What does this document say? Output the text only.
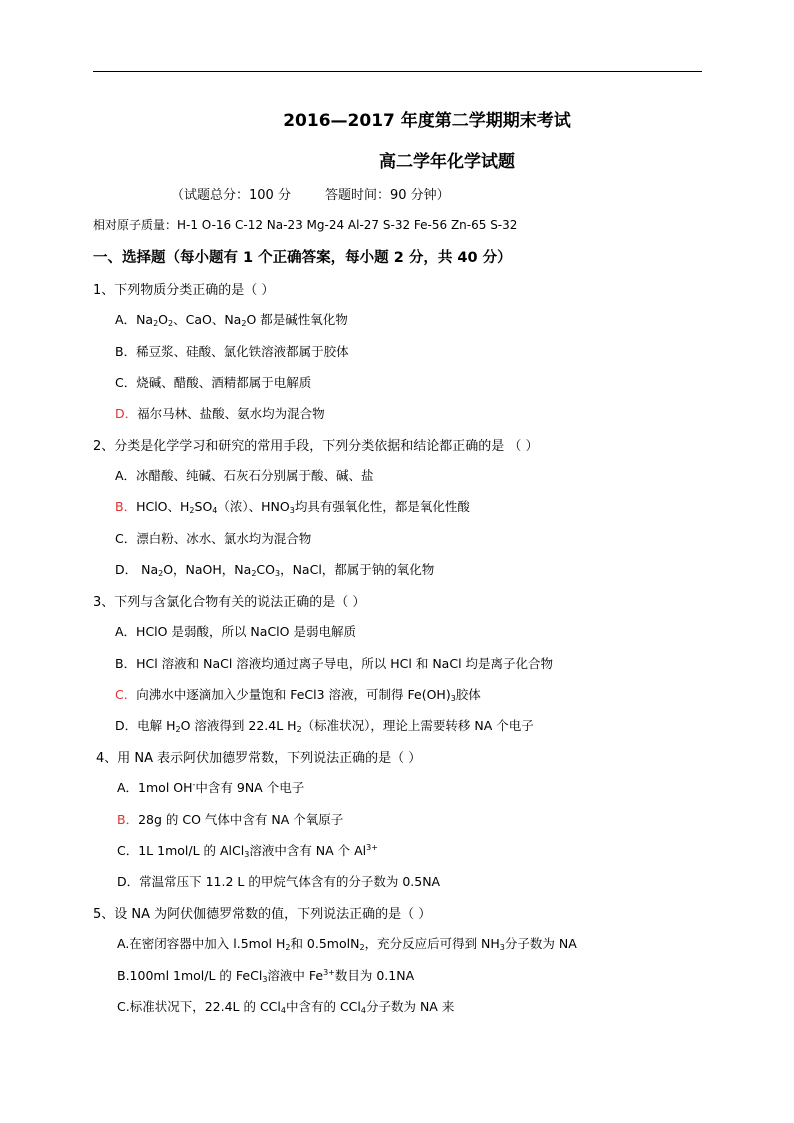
2016—2017 年度第二学期期末考试
高二学年化学试题
（试题总分：100 分	答题时间：90 分钟）
相对原子质量：H-1 O-16 C-12 Na-23 Mg-24 Al-27 S-32 Fe-56 Zn-65 S-32
一、选择题（每小题有 1 个正确答案，每小题 2 分，共 40 分）
1、下列物质分类正确的是（ ）
A．$Na_2O_2$、CaO、$Na_2O$ 都是碱性氧化物
B．稀豆浆、硅酸、氯化铁溶液都属于胶体
C．烧碱、醋酸、酒精都属于电解质
D．福尔马林、盐酸、氨水均为混合物
2、分类是化学学习和研究的常用手段，下列分类依据和结论都正确的是 （ ）
A．冰醋酸、纯碱、石灰石分别属于酸、碱、盐
B．HClO、$H_2SO_4$（浓）、$HNO_3$均具有强氧化性，都是氧化性酸
C．漂白粉、冰水、氯水均为混合物
D． $Na_2O$，NaOH，$Na_2CO_3$，NaCl，都属于钠的氧化物
3、下列与含氯化合物有关的说法正确的是（ ）
A．HClO 是弱酸，所以 NaClO 是弱电解质
B．HCl 溶液和 NaCl 溶液均通过离子导电，所以 HCl 和 NaCl 均是离子化合物
C．向沸水中逐滴加入少量饱和 FeCl3 溶液，可制得 $Fe(OH)_3$胶体
D．电解 $H_2O$ 溶液得到 22.4L $H_2$（标准状况），理论上需要转移 NA 个电子
4、用 NA 表示阿伏加德罗常数，下列说法正确的是（ ）
A．1mol OH-中含有 9NA 个电子
B．28g 的 CO 气体中含有 NA 个氧原子
C．1L 1mol/L 的 AlCl$_3$溶液中含有 NA 个 $Al^{3+}$
D．常温常压下 11.2 L 的甲烷气体含有的分子数为 0.5NA
5、设 NA 为阿伏伽德罗常数的值，下列说法正确的是（ ）
A.在密闭容器中加入 l.5mol $H_2$和 0.5molN$_2$，充分反应后可得到 $NH_3$分子数为 NA
B.100ml 1mol/L 的 FeCl$_3$溶液中 $Fe^{3+}$数目为 0.1NA
C.标准状况下，22.4L 的 CCl$_4$中含有的 CCl$_4$分子数为 NA 来
